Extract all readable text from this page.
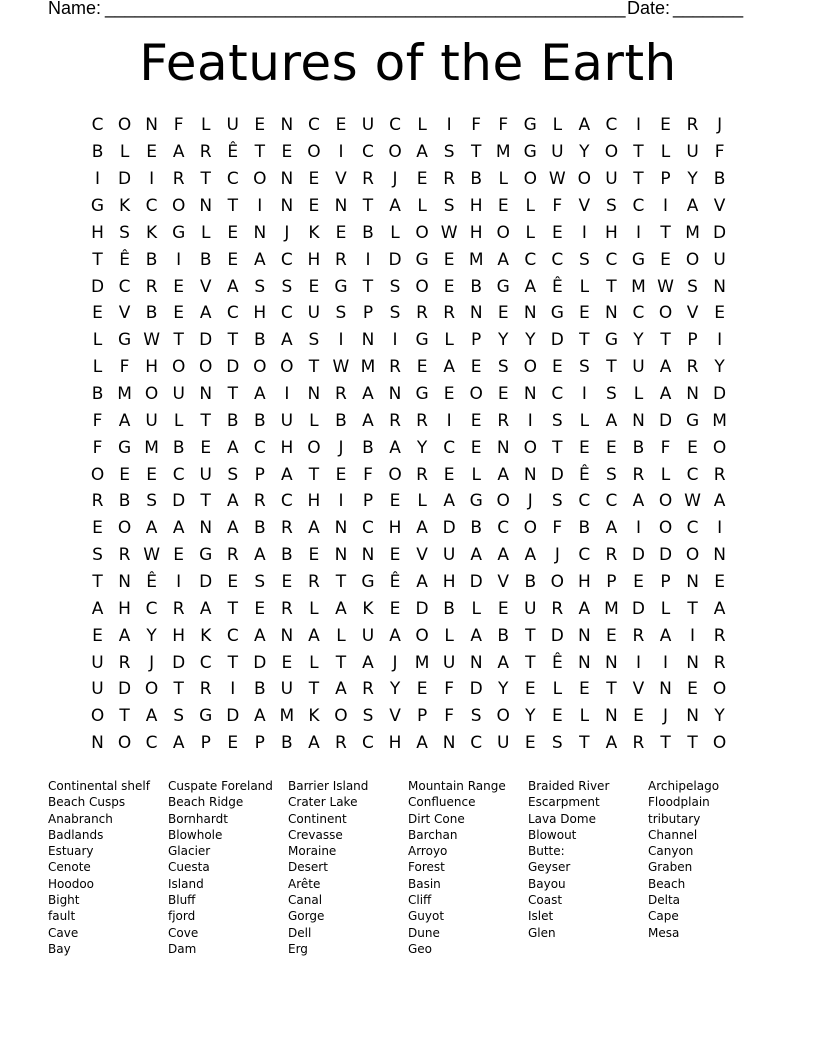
Name: ____________________________________________________ Date: _______
Features of the Earth
C O N F	L U E N C E U C L	I	F	F G L A C	I	E R	J
B L E A R Ê T E O	I	C O A S T M G U Y O T	L U F
I	D	I	R T C O N E V R	J	E R B L O W O U T P Y B
G K C O N T	I	N E N T A L S H E L	F V S C	I	A V
H S K G L E N	J	K E B L O W H O L E	I	H	I	T M D
T Ê B	I	B E A C H R	I	D G E M A C C S C G E O U
D C R E V A S S E G T S O E B G A Ê L	T M W S N
E V B E A C H C U S P S R R N E N G E N C O V E
L G W T D T B A S	I	N	I	G L	P Y Y D T G Y T P	I
L	F H O O D O O T W M R E A E S O E S T U A R Y
B M O U N T A	I	N R A N G E O E N C	I	S L A N D
F A U L	T B B U L B A R R	I	E R	I	S L A N D G M
F G M B E A C H O	J	B A Y C E N O T E E B F E O
O E E C U S P A T E F O R E L A N D Ê S R L C R
R B S D T A R C H	I	P E L A G O	J	S C C A O W A
E O A A N A B R A N C H A D B C O F B A	I	O C	I
S R W E G R A B E N N E V U A A A	J	C R D D O N
T N Ê	I	D E S E R T G Ê A H D V B O H P E P N E
A H C R A T E R L A K E D B L E U R A M D L	T A
E A Y H K C A N A L U A O L A B T D N E R A	I	R
U R	J	D C T D E L	T A	J	M U N A T Ê N N	I	I	N R
U D O T R	I	B U T A R Y E F D Y E L E T V N E O
O T A S G D A M K O S V P	F S O Y E L N E	J	N Y
N O C A P E P B A R C H A N C U E S T A R T T O
Continental shelf
Beach Cusps
Anabranch
Badlands
Estuary
Cenote
Hoodoo
Bight
fault
Cave
Bay
Cuspate Foreland
Beach Ridge
Bornhardt
Blowhole
Glacier
Cuesta
Island
Bluff
fjord
Cove
Dam
Barrier Island
Crater Lake
Continent
Crevasse
Moraine
Desert
Arête
Canal
Gorge
Dell
Erg
Mountain Range
Confluence
Dirt Cone
Barchan
Arroyo
Forest
Basin
Cliff
Guyot
Dune
Geo
Braided River
Escarpment
Lava Dome
Blowout
Butte:
Geyser
Bayou
Coast
Islet
Glen
Archipelago
Floodplain
tributary
Channel
Canyon
Graben
Beach
Delta
Cape
Mesa
